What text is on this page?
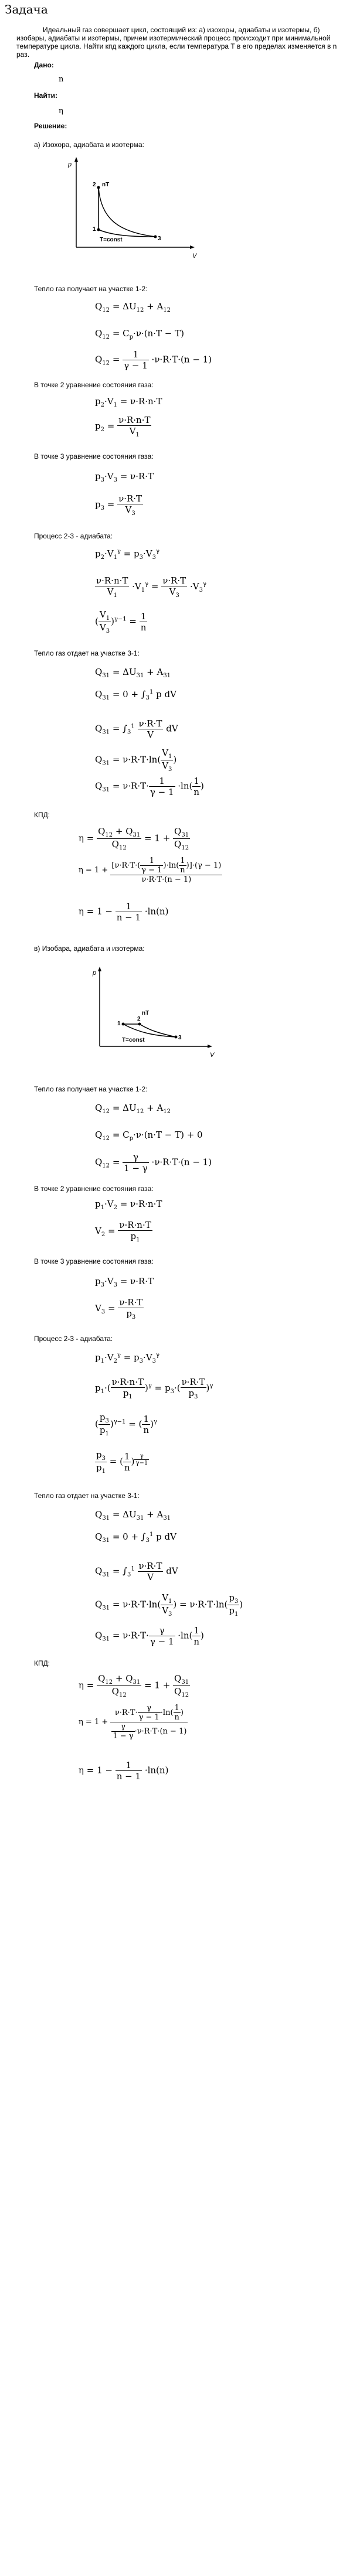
Задача
Идеальный газ совершает цикл, состоящий из: а) изохоры, адиабаты и изотермы, б) изобары, адиабаты и изотермы, причем изотермический процесс происходит при минимальной температуре цикла. Найти кпд каждого цикла, если температура T в его пределах изменяется в n раз.
Дано:
n
Найти:
η
Решение:
а) Изохора, адиабата и изотерма:
p
V
2 nT
1
3
T=const
Тепло газ получает на участке 1-2:
$Q_{12} = \Delta U_{12} + A_{12}$
$Q_{12} = C_p\cdot\nu\cdot(n\cdot T - T)$
$Q_{12} = \frac{1}{\gamma - 1} \cdot\nu\cdot R\cdot T\cdot(n - 1)$
В точке 2 уравнение состояния газа:
$p_2\cdot V_1 = \nu\cdot R\cdot n\cdot T$
$p_2 = \frac{\nu\cdot R\cdot n\cdot T}{V_1}$
В точке 3 уравнение состояния газа:
$p_3\cdot V_3 = \nu\cdot R\cdot T$
$p_3 = \frac{\nu\cdot R\cdot T}{V_3}$
Процесс 2-3 - адиабата:
$p_2\cdot V_1^\gamma = p_3\cdot V_3^\gamma$
$\frac{\nu\cdot R\cdot n\cdot T}{V_1} \cdot V_1^\gamma = \frac{\nu\cdot R\cdot T}{V_3} \cdot V_3^\gamma$
( $\frac{V_1}{V_3} )^{\gamma-1} = \frac{1}{n}$
Тепло газ отдает на участке 3-1:
$Q_{31} = \Delta U_{31} + A_{31}$
$Q_{31} = 0 + \int_3^1$ p dV
$Q_{31} = \int_3^1 \frac{\nu\cdot R\cdot T}{V}$ dV
$Q_{31} = \nu\cdot R\cdot T\cdot\ln( \frac{V_1}{V_3}$ )
$Q_{31} = \nu\cdot R\cdot T\cdot \frac{1}{\gamma - 1} \cdot\ln( \frac{1}{n}$ )
КПД:
$\eta = \frac{Q_{12} + Q_{31}}{Q_{12}} = 1 + \frac{Q_{31}}{Q_{12}}$
$\eta = 1 + \frac{[\nu\cdot R\cdot T\cdot( \frac{1}{\gamma - 1} )\cdot\ln( \frac{1}{n} )]\cdot(\gamma - 1)}{\nu\cdot R\cdot T\cdot(n - 1)}$
$\eta = 1 - \frac{1}{n - 1} \cdot\ln(n)$
в) Изобара, адиабата и изотерма:
p
V
1
2
nT
3
T=const
Тепло газ получает на участке 1-2:
$Q_{12} = \Delta U_{12} + A_{12}$
$Q_{12} = C_p\cdot\nu\cdot(n\cdot T - T) + 0$
$Q_{12} = \frac{\gamma}{1 - \gamma} \cdot\nu\cdot R\cdot T\cdot(n - 1)$
В точке 2 уравнение состояния газа:
$p_1\cdot V_2 = \nu\cdot R\cdot n\cdot T$
$V_2 = \frac{\nu\cdot R\cdot n\cdot T}{p_1}$
В точке 3 уравнение состояния газа:
$p_3\cdot V_3 = \nu\cdot R\cdot T$
$V_3 = \frac{\nu\cdot R\cdot T}{p_3}$
Процесс 2-3 - адиабата:
$p_1\cdot V_2^\gamma = p_3\cdot V_3^\gamma$
$p_1\cdot( \frac{\nu\cdot R\cdot n\cdot T}{p_1} )^\gamma = p_3\cdot( \frac{\nu\cdot R\cdot T}{p_3} )^\gamma$
( $\frac{p_3}{p_1} )^{\gamma-1}$ = ( $\frac{1}{n} )^\gamma$
$\frac{p_3}{p_1}$ = ( $\frac{1}{n}$ ) $^{\frac{\gamma}{\gamma-1}}$
Тепло газ отдает на участке 3-1:
$Q_{31} = \Delta U_{31} + A_{31}$
$Q_{31} = 0 + \int_3^1$ p dV
$Q_{31} = \int_3^1 \frac{\nu\cdot R\cdot T}{V}$ dV
$Q_{31} = \nu\cdot R\cdot T\cdot\ln( \frac{V_1}{V_3}$ ) = $\nu\cdot R\cdot T\cdot\ln( \frac{p_3}{p_1}$ )
$Q_{31} = \nu\cdot R\cdot T\cdot \frac{\gamma}{\gamma - 1} \cdot\ln( \frac{1}{n}$ )
КПД:
$\eta = \frac{Q_{12} + Q_{31}}{Q_{12}} = 1 + \frac{Q_{31}}{Q_{12}}$
$\eta = 1 + \frac{\nu\cdot R\cdot T\cdot \frac{\gamma}{\gamma - 1} \cdot\ln( \frac{1}{n} )}{\frac{\gamma}{1 - \gamma} \cdot\nu\cdot R\cdot T\cdot(n - 1)}$
$\eta = 1 - \frac{1}{n - 1} \cdot\ln(n)$
